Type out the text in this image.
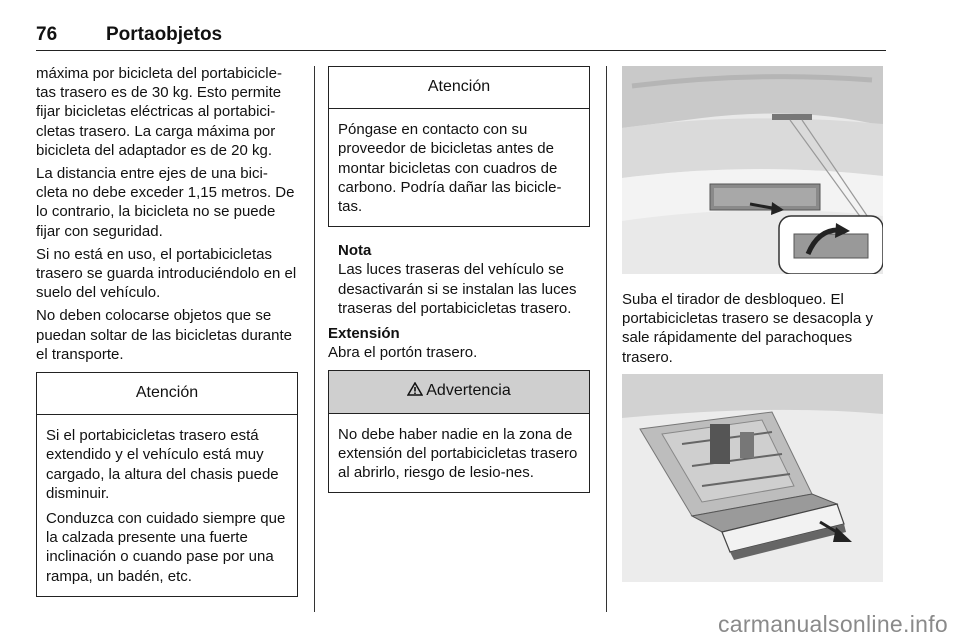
76	Portaobjetos

máxima por bicicleta del portabicicle-tas trasero es de 30 kg. Esto permite fijar bicicletas eléctricas al portabici-cletas trasero. La carga máxima por bicicleta del adaptador es de 20 kg.

La distancia entre ejes de una bici-cleta no debe exceder 1,15 metros. De lo contrario, la bicicleta no se puede fijar con seguridad.

Si no está en uso, el portabicicletas trasero se guarda introduciéndolo en el suelo del vehículo.

No deben colocarse objetos que se puedan soltar de las bicicletas durante el transporte.

Atención

Si el portabicicletas trasero está extendido y el vehículo está muy cargado, la altura del chasis puede disminuir.

Conduzca con cuidado siempre que la calzada presente una fuerte inclinación o cuando pase por una rampa, un badén, etc.

Atención

Póngase en contacto con su proveedor de bicicletas antes de montar bicicletas con cuadros de carbono. Podría dañar las bicicle-tas.

Nota
Las luces traseras del vehículo se desactivarán si se instalan las luces traseras del portabicicletas trasero.
Extensión

Abra el portón trasero.

Advertencia

No debe haber nadie en la zona de extensión del portabicicletas trasero al abrirlo, riesgo de lesio-nes.

Suba el tirador de desbloqueo. El portabicicletas trasero se desacopla y sale rápidamente del parachoques trasero.

carmanualsonline.info
